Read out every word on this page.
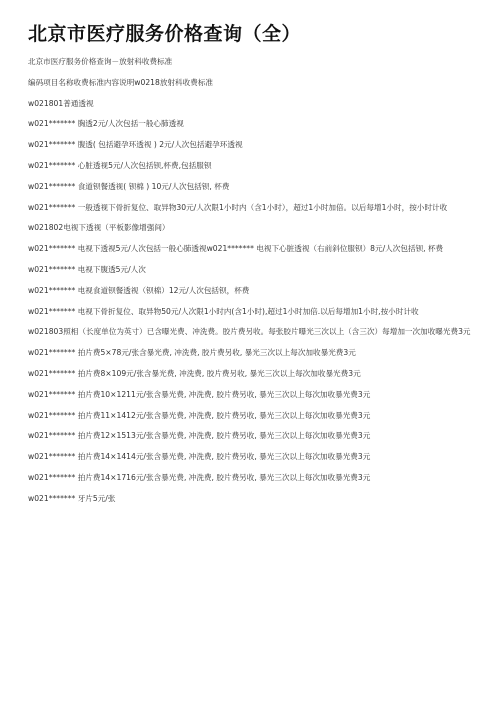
北京市医疗服务价格查询（全）

北京市医疗服务价格查询－放射科收费标准

编码项目名称收费标准内容说明w0218放射科收费标准

w021801普通透视

w021******* 胸透2元/人次包括一般心肺透视

w021******* 腹透( 包括避孕环透视 ) 2元/人次包括避孕环透视

w021******* 心脏透视5元/人次包括钡,杯费,包括服钡

w021******* 食道钡餐透视( 钡棉 ) 10元/人次包括钡, 杯费

w021******* 一般透视下骨折复位、取异物30元/人次限1小时内（含1小时），超过1小时加倍。以后每增1小时，按小时计收

w021802电视下透视（平板影像增强间）

w021******* 电视下透视5元/人次包括一般心肺透视w021******* 电视下心脏透视（右前斜位服钡）8元/人次包括钡, 杯费

w021******* 电视下腹透5元/人次

w021******* 电视食道钡餐透视（钡棉）12元/人次包括钡，杯费

w021******* 电视下骨折复位、取异物50元/人次限1小时内(含1小时),超过1小时加倍.以后每增加1小时,按小时计收

w021803照相（长度单位为英寸）已含曝光费、冲洗费。胶片费另收。每张胶片曝光三次以上（含三次）每增加一次加收曝光费3元

w021******* 拍片费5×78元/张含暴光费, 冲洗费, 胶片费另收, 暴光三次以上每次加收暴光费3元

w021******* 拍片费8×109元/张含暴光费, 冲洗费, 胶片费另收, 暴光三次以上每次加收暴光费3元

w021******* 拍片费10×1211元/张含暴光费, 冲洗费, 胶片费另收, 暴光三次以上每次加收暴光费3元

w021******* 拍片费11×1412元/张含暴光费, 冲洗费, 胶片费另收, 暴光三次以上每次加收暴光费3元

w021******* 拍片费12×1513元/张含暴光费, 冲洗费, 胶片费另收, 暴光三次以上每次加收暴光费3元

w021******* 拍片费14×1414元/张含暴光费, 冲洗费, 胶片费另收, 暴光三次以上每次加收暴光费3元

w021******* 拍片费14×1716元/张含暴光费, 冲洗费, 胶片费另收, 暴光三次以上每次加收暴光费3元

w021******* 牙片5元/张
